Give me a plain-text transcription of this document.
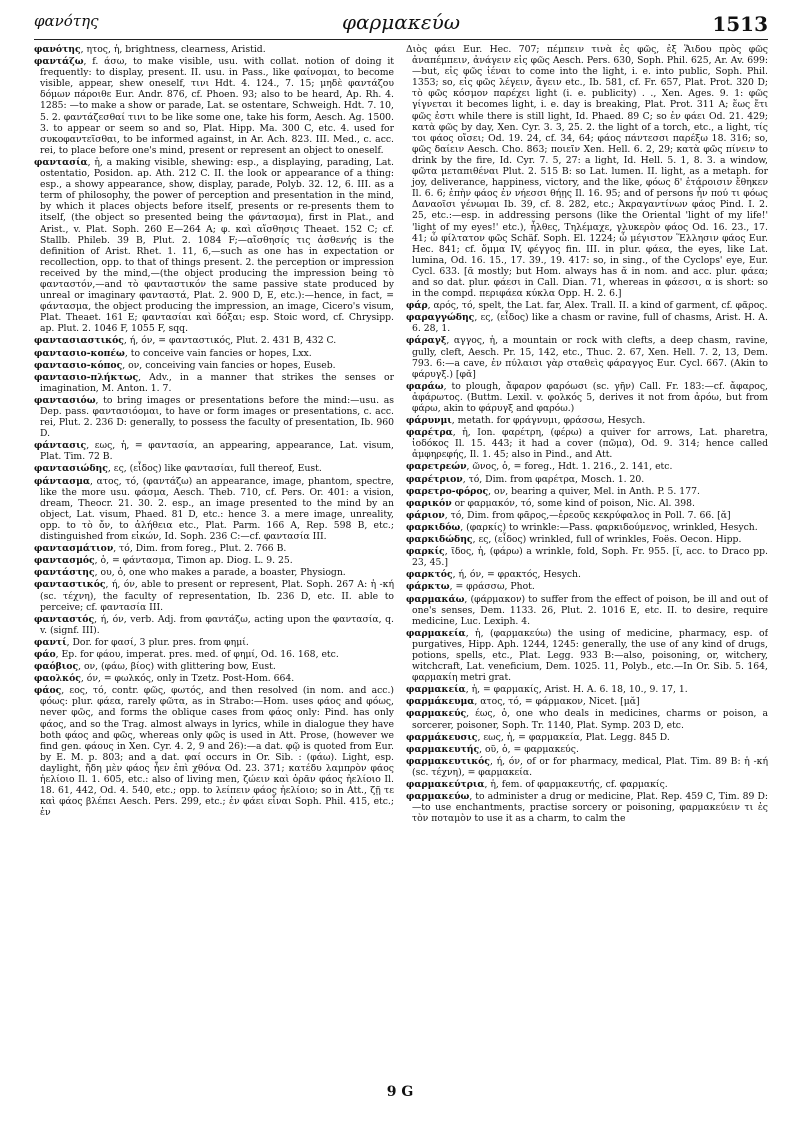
φανότης	φαρμακεύω	1513

φανότης, ητος, ἡ, brightness, clearness, Aristid.

φαντάζω, f. άσω, to make visible, usu. with collat. notion of doing it frequently: to display, present. II. usu. in Pass., like φαίνομαι, to become visible, appear, shew oneself, τινι Hdt. 4. 124., 7. 15; μηδὲ φαντάζου δόμων πάροιθε Eur. Andr. 876, cf. Phoen. 93; also to be heard, Ap. Rh. 4. 1285: —to make a show or parade, Lat. se ostentare, Schweigh. Hdt. 7. 10, 5. 2. φαντάζεσθαί τινι to be like some one, take his form, Aesch. Ag. 1500. 3. to appear or seem so and so, Plat. Hipp. Ma. 300 C, etc. 4. used for συκοφαντεῖσθαι, to be informed against, in Ar. Ach. 823. III. Med., c. acc. rei, to place before one's mind, present or represent an object to oneself.

φαντασία, ἡ, a making visible, shewing: esp., a displaying, parading, Lat. ostentatio, Posidon. ap. Ath. 212 C. II. the look or appearance of a thing: esp., a showy appearance, show, display, parade, Polyb. 32. 12, 6. III. as a term of philosophy, the power of perception and presentation in the mind, by which it places objects before itself, presents or re-presents them to itself, (the object so presented being the φάντασμα), first in Plat., and Arist., v. Plat. Soph. 260 E—264 A; φ. καὶ αἴσθησις Theaet. 152 C; cf. Stallb. Phileb. 39 B, Plut. 2. 1084 F;—αἴσθησίς τις ἀσθενής is the definition of Arist. Rhet. 1. 11, 6,—such as one has in expectation or recollection, opp. to that of things present. 2. the perception or impression received by the mind,—(the object producing the impression being τὸ φανταστόν,—and τὸ φανταστικόν the same passive state produced by unreal or imaginary φανταστά, Plat. 2. 900 D, E, etc.):—hence, in fact, = φάντασμα, the object producing the impression, an image, Cicero's visum, Plat. Theaet. 161 E; φαντασίαι καὶ δόξαι; esp. Stoic word, cf. Chrysipp. ap. Plut. 2. 1046 F, 1055 F, sqq.

φαντασιαστικός, ή, όν, = φανταστικός, Plut. 2. 431 B, 432 C.

φαντασιο-κοπέω, to conceive vain fancies or hopes, Lxx.

φαντασιο-κόπος, ον, conceiving vain fancies or hopes, Euseb.

φαντασιο-πλήκτως, Adv., in a manner that strikes the senses or imagination, M. Anton. 1. 7.

φαντασιόω, to bring images or presentations before the mind:—usu. as Dep. pass. φαντασιόομαι, to have or form images or presentations, c. acc. rei, Plut. 2. 236 D: generally, to possess the faculty of presentation, Ib. 960 D.

φάντασις, εως, ἡ, = φαντασία, an appearing, appearance, Lat. visum, Plat. Tim. 72 B.

φαντασιώδης, ες, (εἶδος) like φαντασίαι, full thereof, Eust.

φάντασμα, ατος, τό, (φαντάζω) an appearance, image, phantom, spectre, like the more usu. φάσμα, Aesch. Theb. 710, cf. Pers. Or. 401: a vision, dream, Theocr. 21. 30. 2. esp., an image presented to the mind by an object, Lat. visum, Phaed. 81 D, etc.: hence 3. a mere image, unreality, opp. to τὸ ὄν, to ἀλήθεια etc., Plat. Parm. 166 A, Rep. 598 B, etc.; distinguished from εἰκών, Id. Soph. 236 C:—cf. φαντασία III.

φαντασμάτιον, τό, Dim. from foreg., Plut. 2. 766 B.

φαντασμός, ὁ, = φάντασμα, Timon ap. Diog. L. 9. 25.

φαντάστης, ου, ὁ, one who makes a parade, a boaster, Physiogn.

φανταστικός, ή, όν, able to present or represent, Plat. Soph. 267 A: ἡ -κή (sc. τέχνη), the faculty of representation, Ib. 236 D, etc. II. able to perceive; cf. φαντασία III.

φανταστός, ή, όν, verb. Adj. from φαντάζω, acting upon the φαντασία, q. v. (signf. III).

φαντί, Dor. for φασί, 3 plur. pres. from φημί.

φάο, Ep. for φάου, imperat. pres. med. of φημί, Od. 16. 168, etc.

φαόβιος, ον, (φάω, βίος) with glittering bow, Eust.

φαολκός, όν, = φωλκός, only in Tzetz. Post-Hom. 664.

φάος, εος, τό, contr. φῶς, φωτός, and then resolved (in nom. and acc.) φόως: plur. φάεα, rarely φῶτα, as in Strabo:—Hom. uses φάος and φόως, never φῶς, and forms the oblique cases from φάος only: Pind. has only φάος, and so the Trag. almost always in lyrics, while in dialogue they have both φάος and φῶς, whereas only φῶς is used in Att. Prose, (however we find gen. φάους in Xen. Cyr. 4. 2, 9 and 26):—a dat. φῷ is quoted from Eur. by E. M. p. 803; and a dat. φαί occurs in Or. Sib. : (φάω). Light, esp. daylight, ἤδη μὲν φάος ἦεν ἐπὶ χθόνα Od. 23. 371; κατέδυ λαμπρὸν φάος ἠελίοιο Il. 1. 605, etc.: also of living men, ζώειν καὶ ὁρᾶν φάος ἠελίοιο Il. 18. 61, 442, Od. 4. 540, etc.; opp. to λείπειν φάος ἠελίοιο; so in Att., ζῇ τε καὶ φάος βλέπει Aesch. Pers. 299, etc.; ἐν φάει εἶναι Soph. Phil. 415, etc.; ἐν

Διὸς φάει Eur. Hec. 707; πέμπειν τινὰ ἐς φῶς, ἐξ Ἅιδου πρὸς φῶς ἀναπέμπειν, ἀνάγειν εἰς φῶς Aesch. Pers. 630, Soph. Phil. 625, Ar. Av. 699:—but, εἰς φῶς ἰέναι to come into the light, i. e. into public, Soph. Phil. 1353; so, εἰς φῶς λέγειν, ἄγειν etc., Ib. 581, cf. Fr. 657, Plat. Prot. 320 D; τὸ φῶς κόσμον παρέχει light (i. e. publicity) . ., Xen. Ages. 9. 1: φῶς γίγνεται it becomes light, i. e. day is breaking, Plat. Prot. 311 A; ἕως ἔτι φῶς ἐστι while there is still light, Id. Phaed. 89 C; so ἐν φάει Od. 21. 429; κατὰ φῶς by day, Xen. Cyr. 3. 3, 25. 2. the light of a torch, etc., a light, τίς τοι φάος οἴσει; Od. 19. 24, cf. 34, 64; φάος πάντεσσι παρέξω 18. 316; so, φῶς δαίειν Aesch. Cho. 863; ποιεῖν Xen. Hell. 6. 2, 29; κατὰ φῶς πίνειν to drink by the fire, Id. Cyr. 7. 5, 27: a light, Id. Hell. 5. 1, 8. 3. a window, φῶτα μεταπιθέναι Plut. 2. 515 B: so Lat. lumen. II. light, as a metaph. for joy, deliverance, happiness, victory, and the like, φόως δ' ἑτάροισιν ἔθηκεν Il. 6. 6; ἐπὴν φάος ἐν νήεσσι θήῃς Il. 16. 95; and of persons ἦν πού τι φόως Δαναοῖσι γένωμαι Ib. 39, cf. 8. 282, etc.; Ἀκραγαντίνων φάος Pind. I. 2. 25, etc.:—esp. in addressing persons (like the Oriental 'light of my life!' 'light of my eyes!' etc.), ἦλθες, Τηλέμαχε, γλυκερὸν φάος Od. 16. 23., 17. 41; ὦ φίλτατον φῶς Schäf. Soph. El. 1224; ὦ μέγιστον Ἕλλησιν φάος Eur. Hec. 841; cf. ὄμμα IV, φέγγος fin. III. in plur. φάεα, the eyes, like Lat. lumina, Od. 16. 15., 17. 39., 19. 417: so, in sing., of the Cyclops' eye, Eur. Cycl. 633. [ᾱ mostly; but Hom. always has ᾰ in nom. and acc. plur. φάεα; and so dat. plur. φάεσι in Call. Dian. 71, whereas in φάεσσι, α is short: so in the compd. περιφάεα κύκλα Opp. H. 2. 6.]

φάρ, αρός, τό, spelt, the Lat. far, Alex. Trall. II. a kind of garment, cf. φᾶρος.

φαραγγώδης, ες, (εἶδος) like a chasm or ravine, full of chasms, Arist. H. A. 6. 28, 1.

φάραγξ, αγγος, ἡ, a mountain or rock with clefts, a deep chasm, ravine, gully, cleft, Aesch. Pr. 15, 142, etc., Thuc. 2. 67, Xen. Hell. 7. 2, 13, Dem. 793. 6:—a cave, ἐν πύλαισι γὰρ σταθεὶς φάραγγος Eur. Cycl. 667. (Akin to φάρυγξ.) [φᾰ]

φαράω, to plough, ἄφαρον φαρόωσι (sc. γῆν) Call. Fr. 183:—cf. ἄφαρος, ἀφάρωτος. (Buttm. Lexil. v. φολκός 5, derives it not from ἀρόω, but from φάρω, akin to φάρυγξ and φαρόω.)

φάρυνμι, metath. for φράγνυμι, φράσσω, Hesych.

φαρέτρα, ἡ, Ion. φαρέτρη, (φέρω) a quiver for arrows, Lat. pharetra, ἰοδόκος Il. 15. 443; it had a cover (πῶμα), Od. 9. 314; hence called ἀμφηρεφής, Il. 1. 45; also in Pind., and Att.

φαρετρεών, ῶνος, ὁ, = foreg., Hdt. 1. 216., 2. 141, etc.

φαρέτριον, τό, Dim. from φαρέτρα, Mosch. 1. 20.

φαρετρο-φόρος, ον, bearing a quiver, Mel. in Anth. P. 5. 177.

φαρικόν or φαρμακόν, τό, some kind of poison, Nic. Al. 398.

φάριον, τό, Dim. from φᾶρος,—ἐρεοῦς κεκρύφαλος in Poll. 7. 66. [ᾰ]

φαρκιδόω, (φαρκίς) to wrinkle:—Pass. φαρκιδούμενος, wrinkled, Hesych.

φαρκιδώδης, ες, (εἶδος) wrinkled, full of wrinkles, Foës. Oecon. Hipp.

φαρκίς, ῖδος, ἡ, (φάρω) a wrinkle, fold, Soph. Fr. 955. [ῐ, acc. to Draco pp. 23, 45.]

φαρκτός, ή, όν, = φρακτός, Hesych.

φάρκτω, = φράσσω, Phot.

φαρμακάω, (φάρμακον) to suffer from the effect of poison, be ill and out of one's senses, Dem. 1133. 26, Plut. 2. 1016 E, etc. II. to desire, require medicine, Luc. Lexiph. 4.

φαρμακεία, ἡ, (φαρμακεύω) the using of medicine, pharmacy, esp. of purgatives, Hipp. Aph. 1244, 1245: generally, the use of any kind of drugs, potions, spells, etc., Plat. Legg. 933 B:—also, poisoning, or, witchery, witchcraft, Lat. veneficium, Dem. 1025. 11, Polyb., etc.—In Or. Sib. 5. 164, φαρμακίη metri grat.

φαρμακεία, ἡ, = φαρμακίς, Arist. H. A. 6. 18, 10., 9. 17, 1.

φαρμάκευμα, ατος, τό, = φάρμακον, Nicet. [μᾰ]

φαρμακεύς, έως, ὁ, one who deals in medicines, charms or poison, a sorcerer, poisoner, Soph. Tr. 1140, Plat. Symp. 203 D, etc.

φαρμάκευσις, εως, ἡ, = φαρμακεία, Plat. Legg. 845 D.

φαρμακευτής, οῦ, ὁ, = φαρμακεύς.

φαρμακευτικός, ή, όν, of or for pharmacy, medical, Plat. Tim. 89 B: ἡ -κή (sc. τέχνη), = φαρμακεία.

φαρμακεύτρια, ἡ, fem. of φαρμακευτής, cf. φαρμακίς.

φαρμακεύω, to administer a drug or medicine, Plat. Rep. 459 C, Tim. 89 D:—to use enchantments, practise sorcery or poisoning, φαρμακεύειν τι ἐς τὸν ποταμὸν to use it as a charm, to calm the

9 G
